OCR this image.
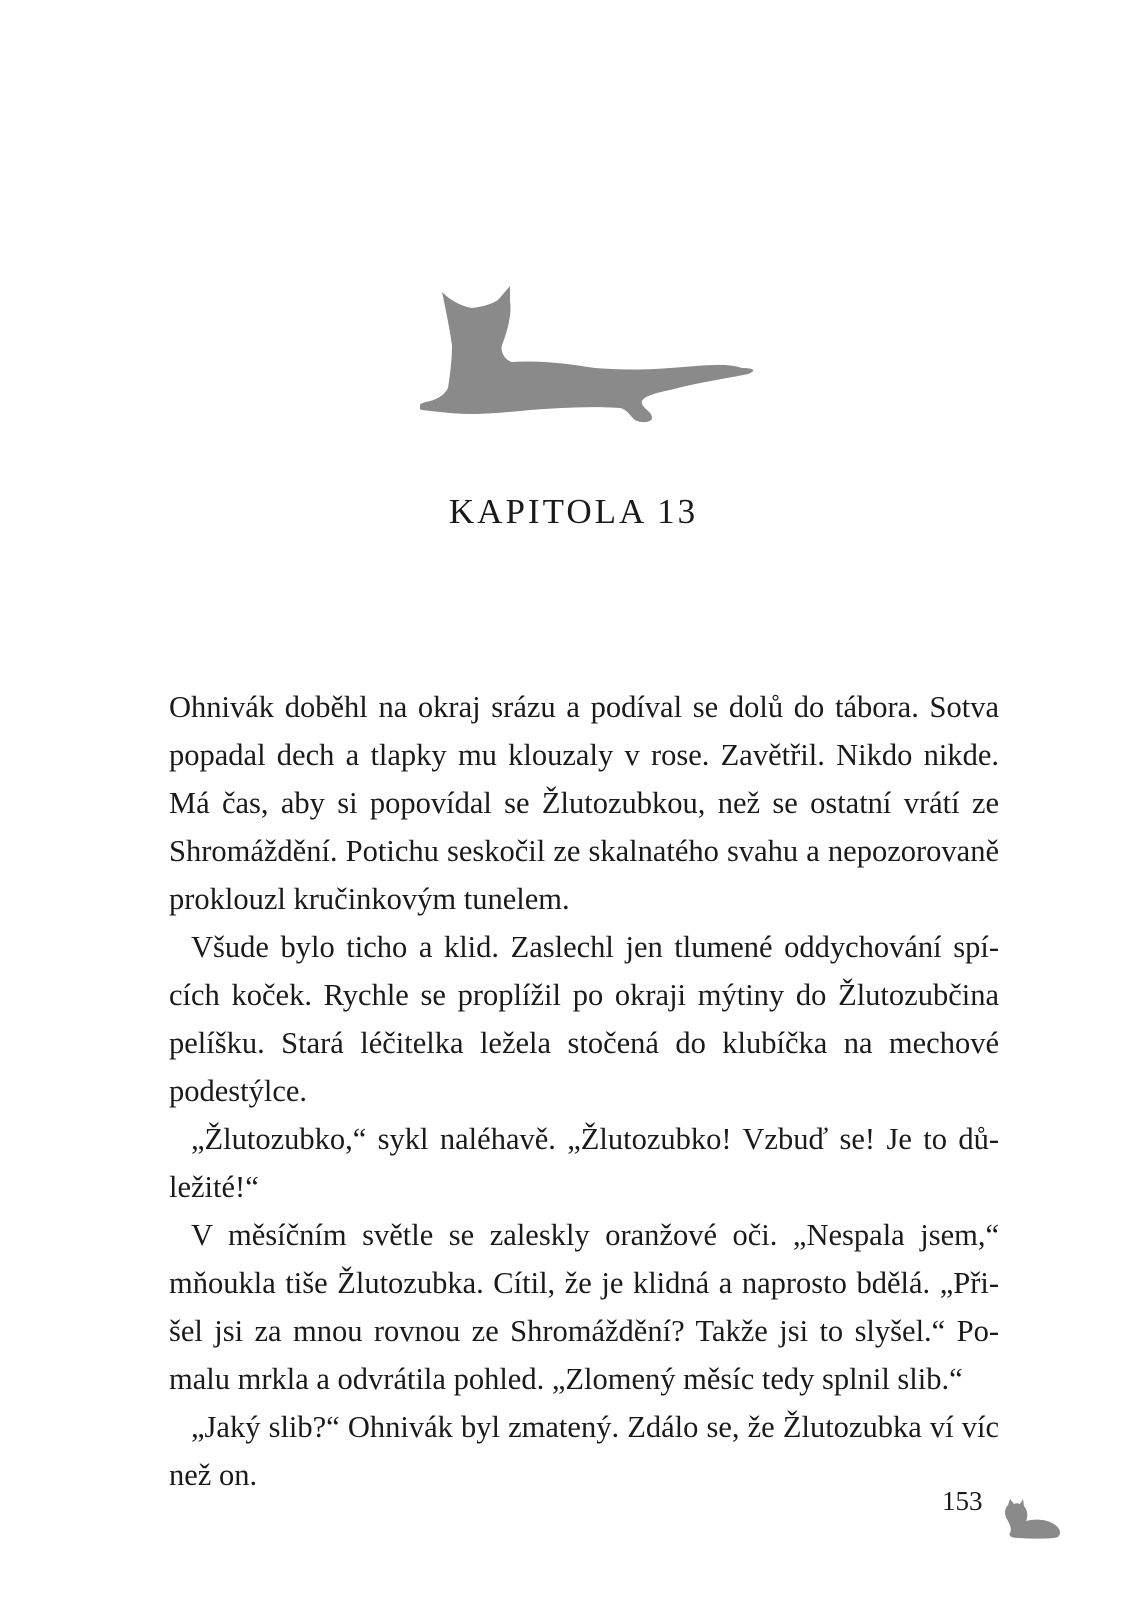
KAPITOLA 13

Ohnivák doběhl na okraj srázu a podíval se dolů do tábora. Sotva popadal dech a tlapky mu klouzaly v rose. Zavětřil. Nikdo nikde. Má čas, aby si popovídal se Žlutozubkou, než se ostatní vrátí ze Shromáždění. Potichu seskočil ze skalnatého svahu a nepozorovaně proklouzl kručinkovým tunelem.

Všude bylo ticho a klid. Zaslechl jen tlumené oddychování spících koček. Rychle se proplížil po okraji mýtiny do Žlutozubčina pelíšku. Stará léčitelka ležela stočená do klubíčka na mechové podestýlce.

„Žlutozubko,“ sykl naléhavě. „Žlutozubko! Vzbuď se! Je to důležité!“

V měsíčním světle se zaleskly oranžové oči. „Nespala jsem,“ mňoukla tiše Žlutozubka. Cítil, že je klidná a naprosto bdělá. „Přišel jsi za mnou rovnou ze Shromáždění? Takže jsi to slyšel.“ Pomalu mrkla a odvrátila pohled. „Zlomený měsíc tedy splnil slib.“

„Jaký slib?“ Ohnivák byl zmatený. Zdálo se, že Žlutozubka ví víc než on.

153
